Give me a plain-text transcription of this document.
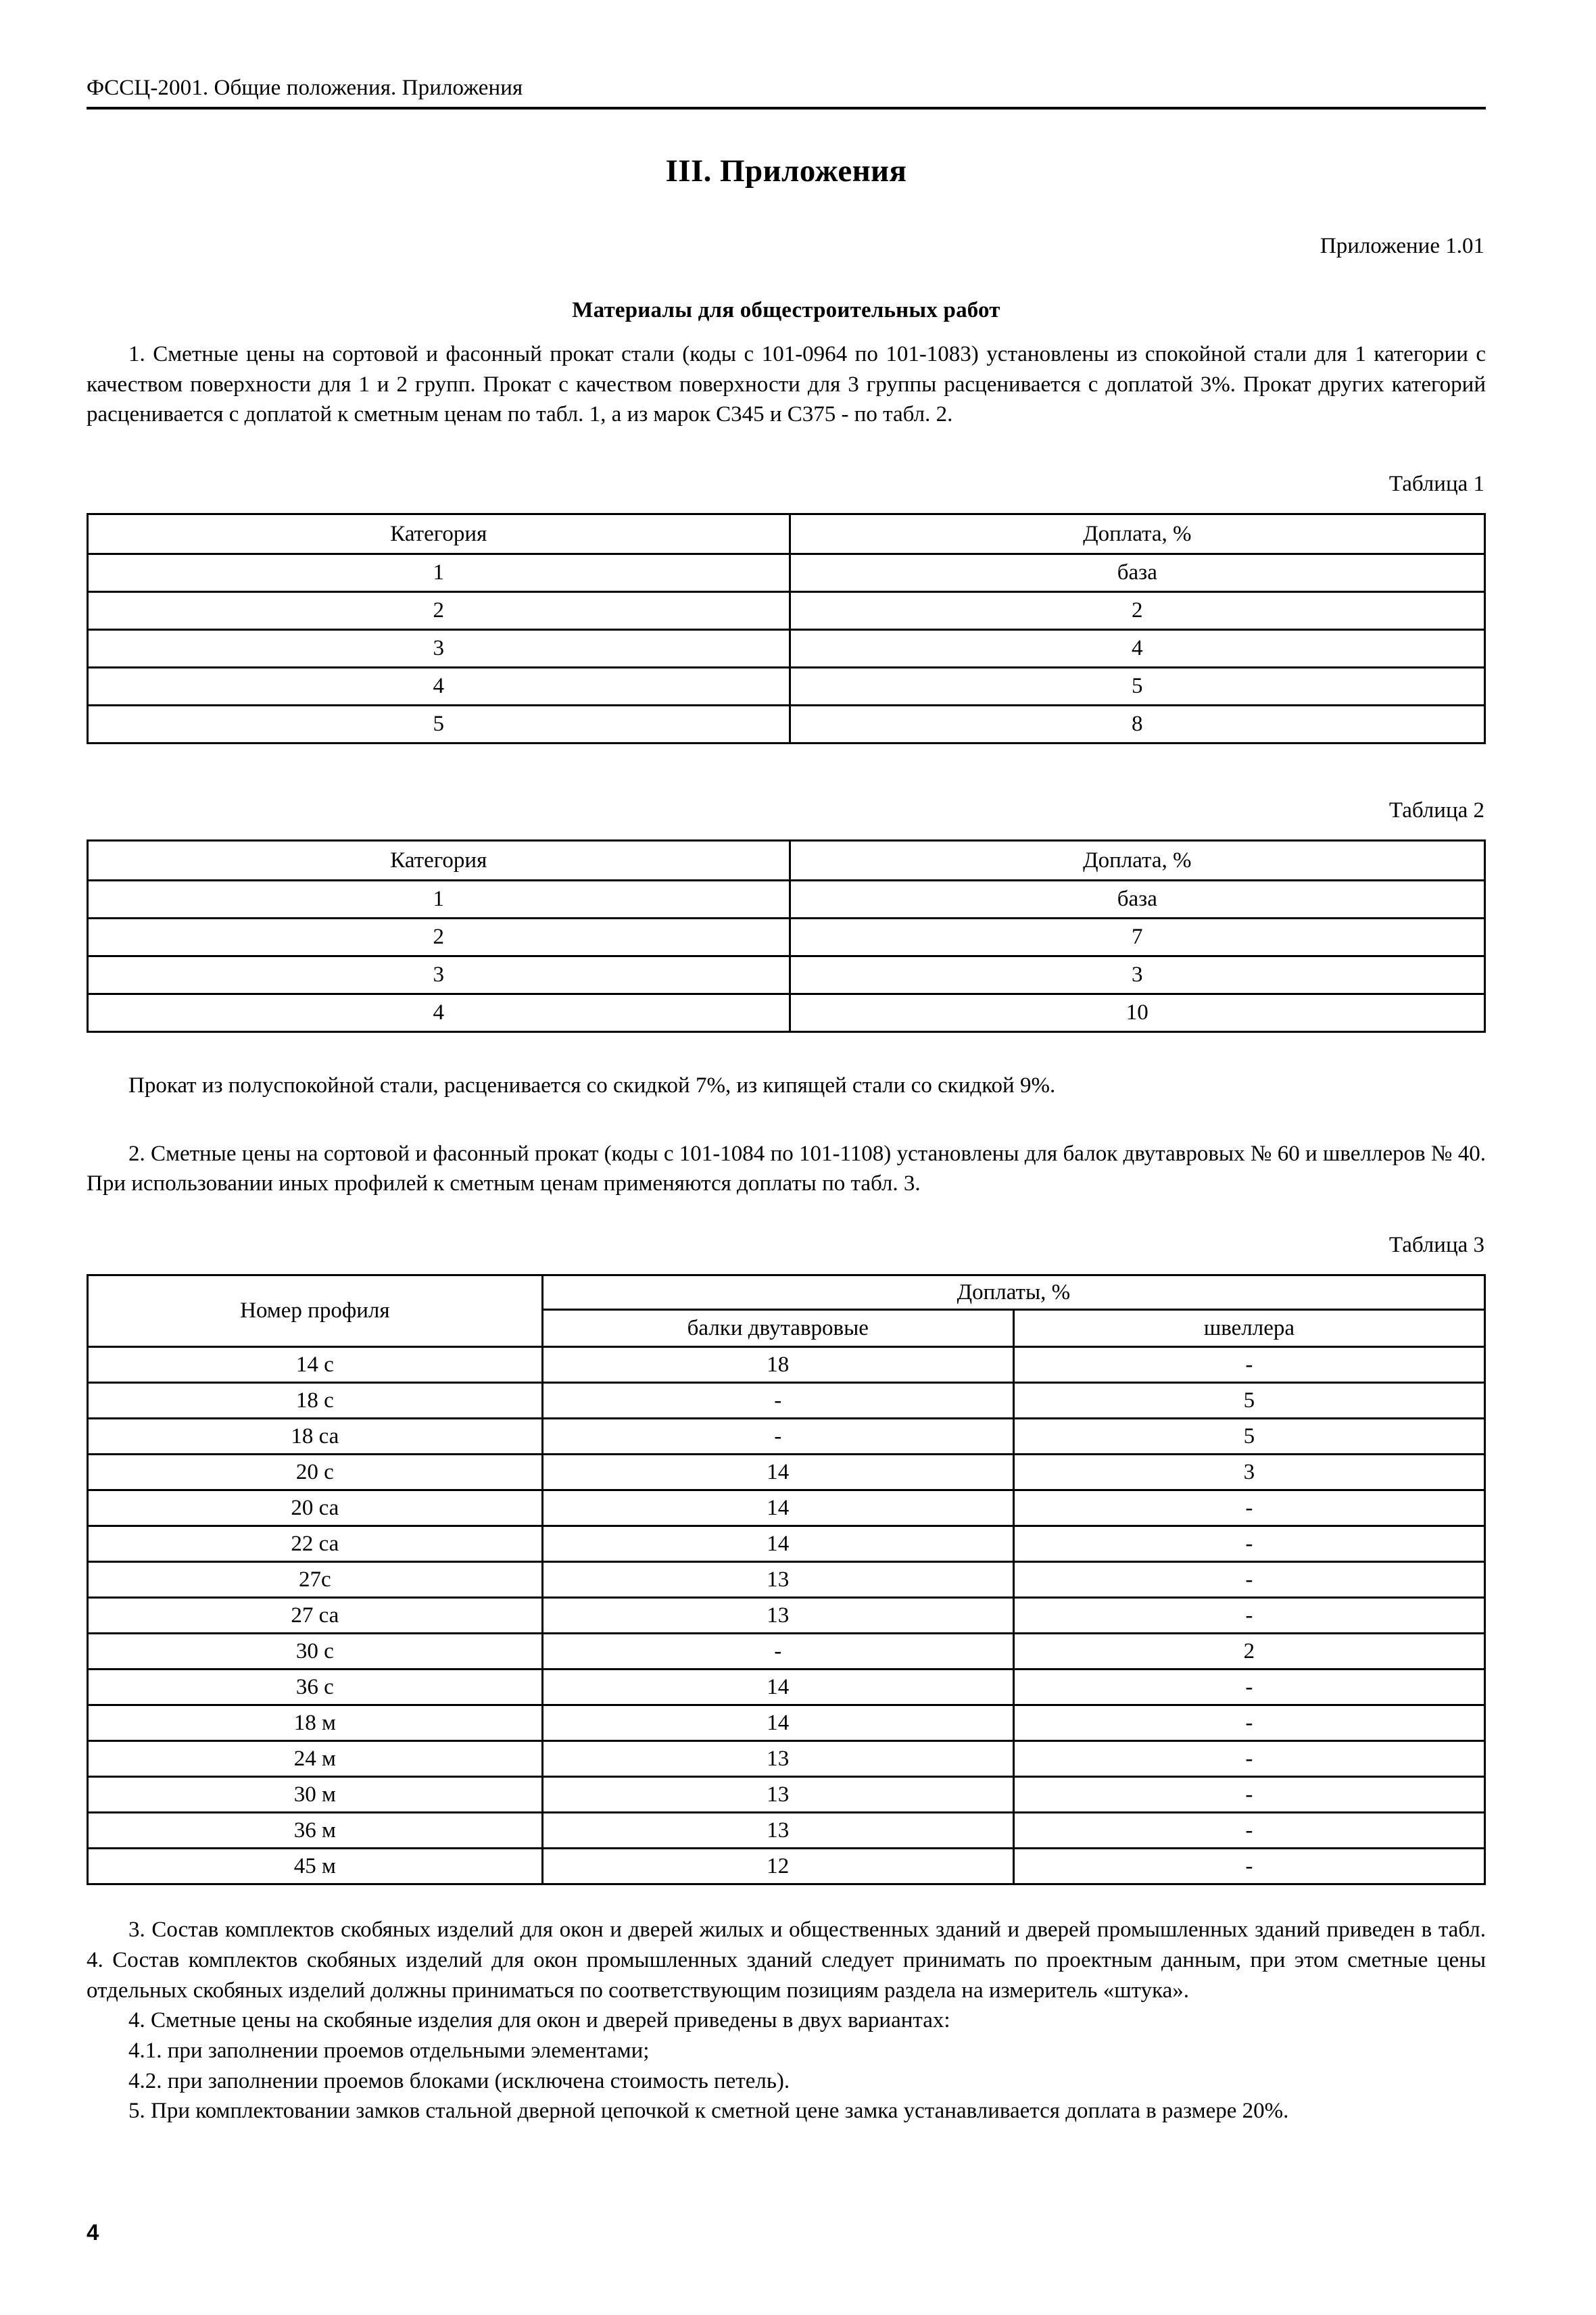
ФССЦ-2001. Общие положения. Приложения
III. Приложения
Приложение 1.01
Материалы для общестроительных работ

1. Сметные цены на сортовой и фасонный прокат стали (коды с 101-0964 по 101-1083) установлены из спокойной стали для 1 категории с качеством поверхности для 1 и 2 групп. Прокат с качеством поверхности для 3 группы расценивается с доплатой 3%. Прокат других категорий расценивается с доплатой к сметным ценам по табл. 1, а из марок С345 и С375 - по табл. 2.

Таблица 1
Категория	Доплата, %
1	база
2	2
3	4
4	5
5	8
Таблица 2
Категория	Доплата, %
1	база
2	7
3	3
4	10

Прокат из полуспокойной стали, расценивается со скидкой 7%, из кипящей стали со скидкой 9%.

2. Сметные цены на сортовой и фасонный прокат (коды с 101-1084 по 101-1108) установлены для балок двутавровых № 60 и швеллеров № 40. При использовании иных профилей к сметным ценам применяются доплаты по табл. 3.

Таблица 3
Номер профиля	Доплаты, %	
	балки двутавровые	швеллера
14 с	18	-
18 с	-	5
18 са	-	5
20 с	14	3
20 са	14	-
22 са	14	-
27с	13	-
27 са	13	-
30 с	-	2
36 с	14	-
18 м	14	-
24 м	13	-
30 м	13	-
36 м	13	-
45 м	12	-

3. Состав комплектов скобяных изделий для окон и дверей жилых и общественных зданий и дверей промышленных зданий приведен в табл. 4. Состав комплектов скобяных изделий для окон промышленных зданий следует принимать по проектным данным, при этом сметные цены отдельных скобяных изделий должны приниматься по соответствующим позициям раздела на измеритель «штука».

4. Сметные цены на скобяные изделия для окон и дверей приведены в двух вариантах:

4.1. при заполнении проемов отдельными элементами;

4.2. при заполнении проемов блоками (исключена стоимость петель).

5. При комплектовании замков стальной дверной цепочкой к сметной цене замка устанавливается доплата в размере 20%.

4
